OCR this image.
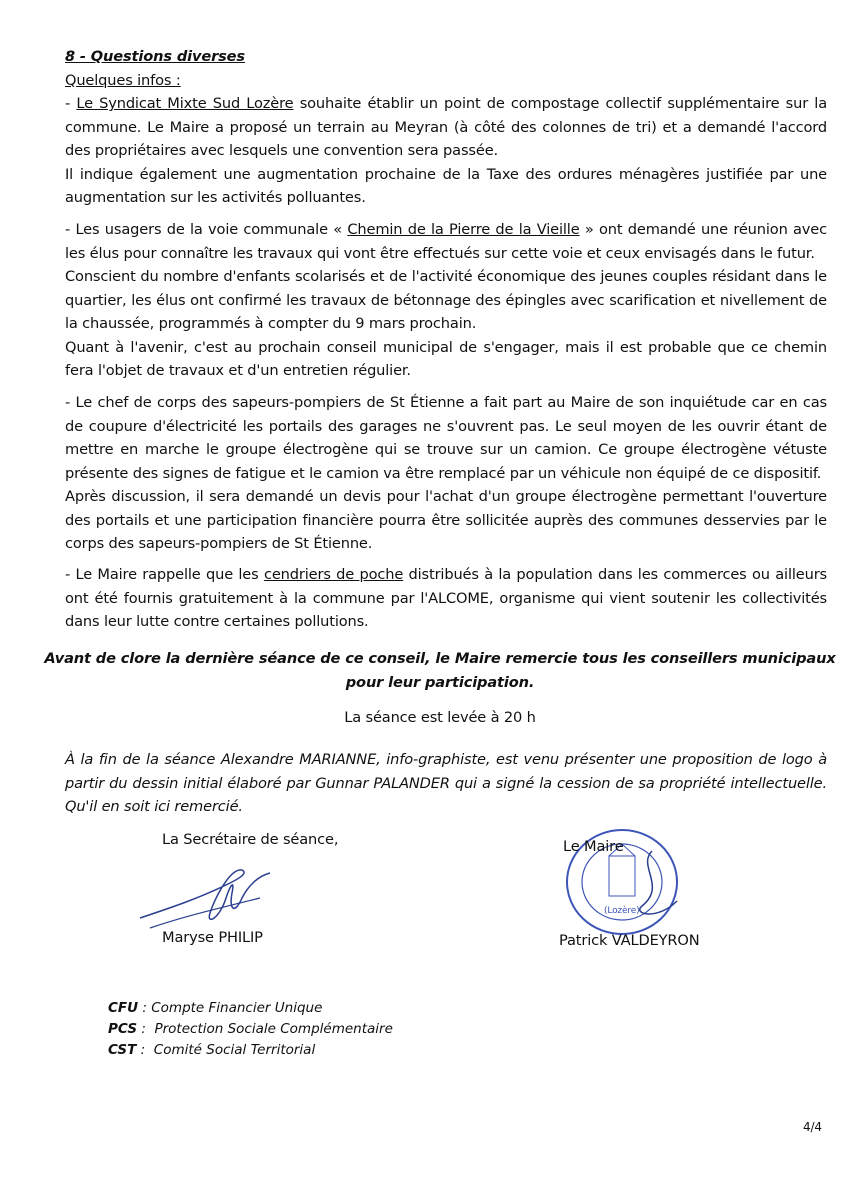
8 - Questions diverses
Quelques infos :

- Le Syndicat Mixte Sud Lozère souhaite établir un point de compostage collectif supplémentaire sur la commune. Le Maire a proposé un terrain au Meyran (à côté des colonnes de tri) et a demandé l'accord des propriétaires avec lesquels une convention sera passée.

Il indique également une augmentation prochaine de la Taxe des ordures ménagères justifiée par une augmentation sur les activités polluantes.

- Les usagers de la voie communale « Chemin de la Pierre de la Vieille » ont demandé une réunion avec les élus pour connaître les travaux qui vont être effectués sur cette voie et ceux envisagés dans le futur.

Conscient du nombre d'enfants scolarisés et de l'activité économique des jeunes couples résidant dans le quartier, les élus ont confirmé les travaux de bétonnage des épingles avec scarification et nivellement de la chaussée, programmés à compter du 9 mars prochain.

Quant à l'avenir, c'est au prochain conseil municipal de s'engager, mais il est probable que ce chemin fera l'objet de travaux et d'un entretien régulier.

- Le chef de corps des sapeurs-pompiers de St Étienne a fait part au Maire de son inquiétude car en cas de coupure d'électricité les portails des garages ne s'ouvrent pas. Le seul moyen de les ouvrir étant de mettre en marche le groupe électrogène qui se trouve sur un camion. Ce groupe électrogène vétuste présente des signes de fatigue et le camion va être remplacé par un véhicule non équipé de ce dispositif.

Après discussion, il sera demandé un devis pour l'achat d'un groupe électrogène permettant l'ouverture des portails et une participation financière pourra être sollicitée auprès des communes desservies par le corps des sapeurs-pompiers de St Étienne.

- Le Maire rappelle que les cendriers de poche distribués à la population dans les commerces ou ailleurs ont été fournis gratuitement à la commune par l'ALCOME, organisme qui vient soutenir les collectivités dans leur lutte contre certaines pollutions.

Avant de clore la dernière séance de ce conseil, le Maire remercie tous les conseillers municipaux
pour leur participation.
La séance est levée à 20 h

À la fin de la séance Alexandre MARIANNE, info-graphiste, est venu présenter une proposition de logo à partir du dessin initial élaboré par Gunnar PALANDER qui a signé la cession de sa propriété intellectuelle. Qu'il en soit ici remercié.

La Secrétaire de séance,
Maryse PHILIP
Le Maire
(Lozère)
Patrick VALDEYRON
CFU : Compte Financier Unique
PCS :  Protection Sociale Complémentaire
CST :  Comité Social Territorial
4/4
